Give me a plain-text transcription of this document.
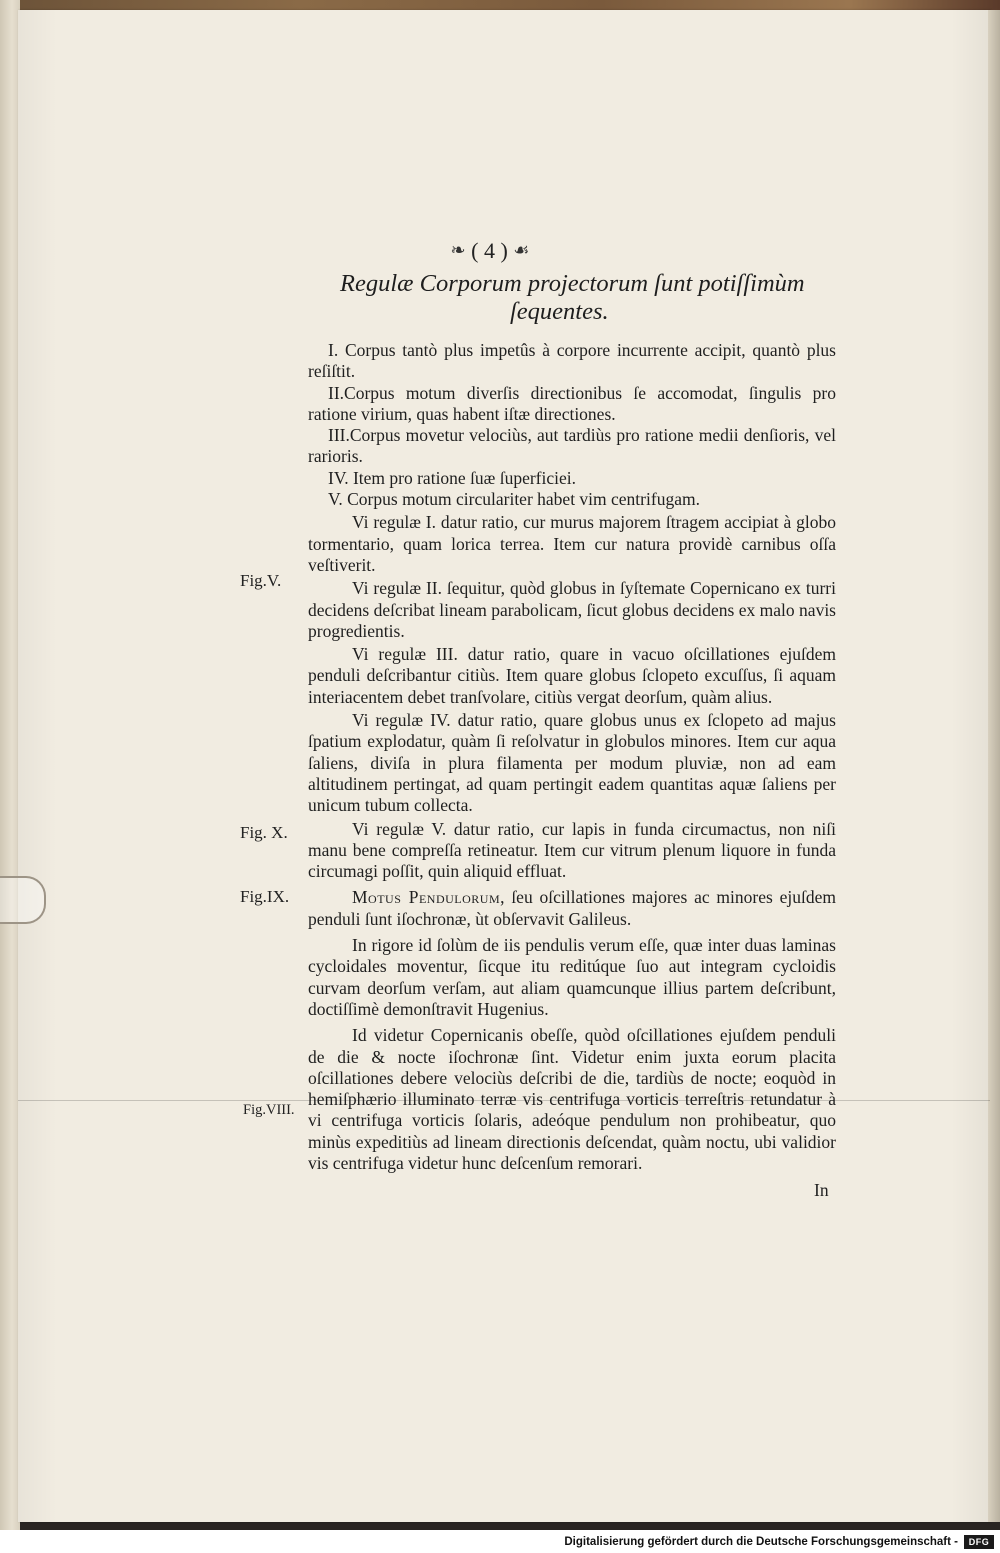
❧ ( 4 ) ☙
Regulæ Corporum projectorum ſunt potiſſimùm
ſequentes.

I. Corpus tantò plus impetûs à corpore incurrente accipit, quantò plus reſiſtit.

II.Corpus motum diverſis directionibus ſe accomodat, ſingulis pro ratione virium, quas habent iſtæ directiones.

III.Corpus movetur velociùs, aut tardiùs pro ratione medii denſioris, vel rarioris.

IV. Item pro ratione ſuæ ſuperficiei.

V. Corpus motum circulariter habet vim centrifugam.

Vi regulæ I. datur ratio, cur murus majorem ſtragem accipiat à globo tormentario, quam lorica terrea. Item cur natura providè carnibus oſſa veſtiverit.

Vi regulæ II. ſequitur, quòd globus in ſyſtemate Copernicano ex turri decidens deſcribat lineam parabolicam, ſicut globus decidens ex malo navis progredientis.

Vi regulæ III. datur ratio, quare in vacuo oſcillationes ejuſdem penduli deſcribantur citiùs. Item quare globus ſclopeto excuſſus, ſi aquam interiacentem debet tranſvolare, citiùs vergat deorſum, quàm alius.

Vi regulæ IV. datur ratio, quare globus unus ex ſclopeto ad majus ſpatium explodatur, quàm ſi reſolvatur in globulos minores. Item cur aqua ſaliens, diviſa in plura filamenta per modum pluviæ, non ad eam altitudinem pertingat, ad quam pertingit eadem quantitas aquæ ſaliens per unicum tubum collecta.

Vi regulæ V. datur ratio, cur lapis in funda circumactus, non niſi manu bene compreſſa retineatur. Item cur vitrum plenum liquore in funda circumagi poſſit, quin aliquid effluat.

Motus Pendulorum, ſeu oſcillationes majores ac minores ejuſdem penduli ſunt iſochronæ, ùt obſervavit Galileus.

In rigore id ſolùm de iis pendulis verum eſſe, quæ inter duas laminas cycloidales moventur, ſicque itu reditúque ſuo aut integram cycloidis curvam deorſum verſam, aut aliam quamcunque illius partem deſcribunt, doctiſſimè demonſtravit Hugenius.

Id videtur Copernicanis obeſſe, quòd oſcillationes ejuſdem penduli de die & nocte iſochronæ ſint. Videtur enim juxta eorum placita oſcillationes debere velociùs deſcribi de die, tardiùs de nocte; eoquòd in hemiſphærio illuminato terræ vis centrifuga vorticis terreſtris retundatur à vi centrifuga vorticis ſolaris, adeóque pendulum non prohibeatur, quo minùs expeditiùs ad lineam directionis deſcendat, quàm noctu, ubi validior vis centrifuga videtur hunc deſcenſum remorari.

Fig.V.
Fig. X.
Fig.IX.
Fig.VIII.
In
Digitalisierung gefördert durch die Deutsche Forschungsgemeinschaft -	DFG
